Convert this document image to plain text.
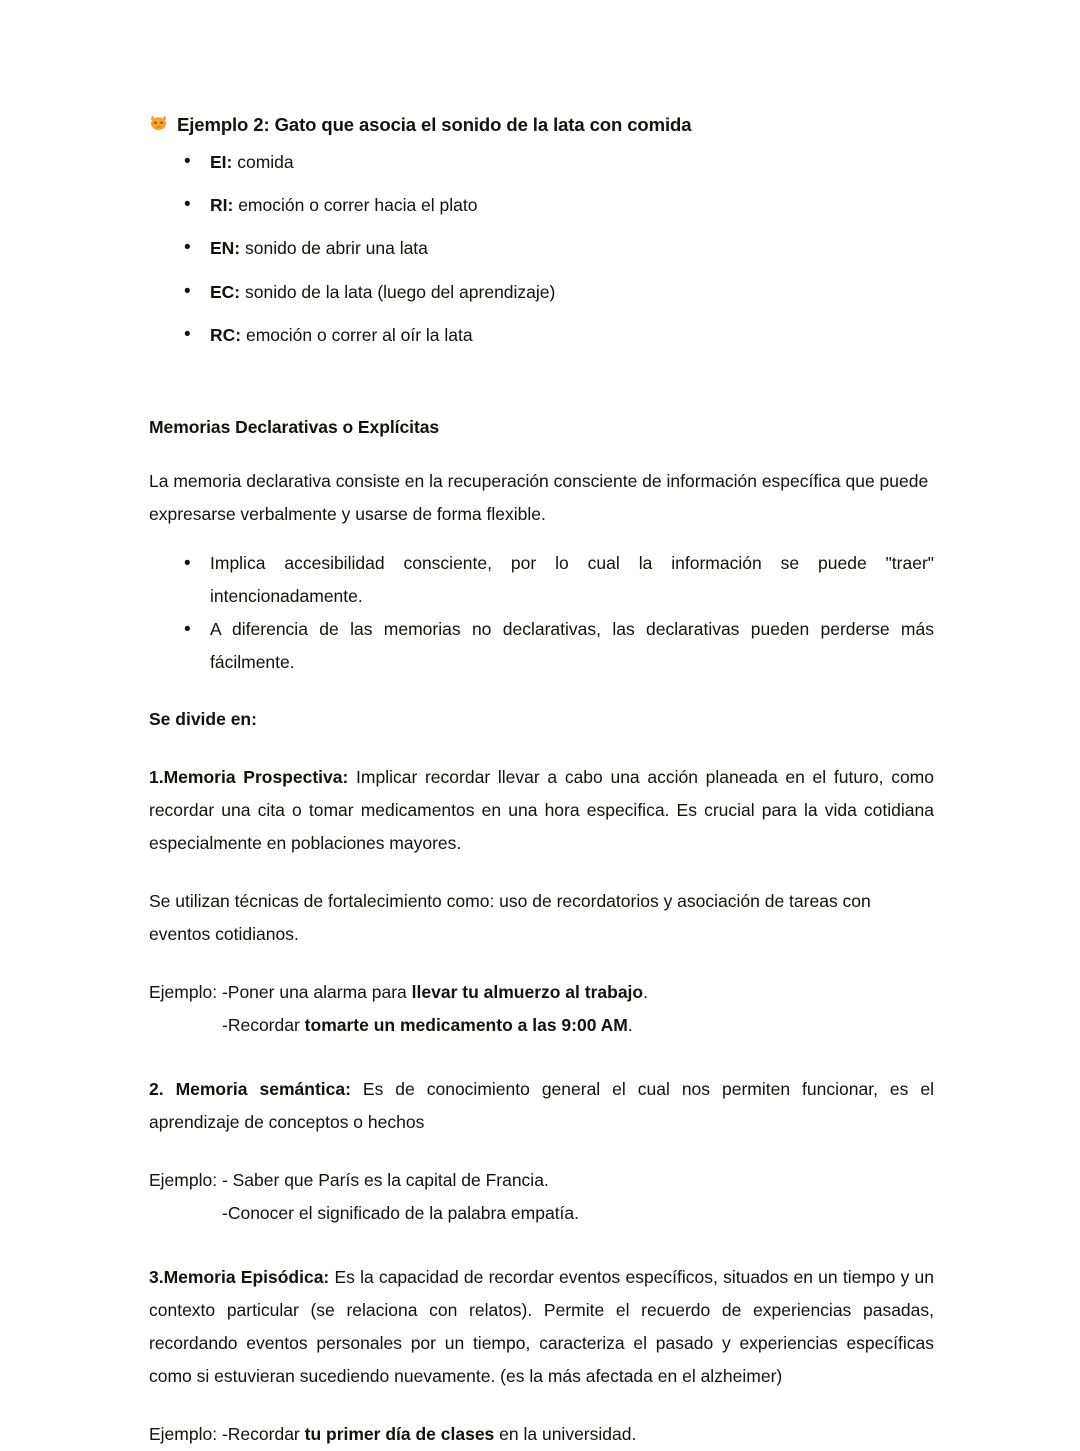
Ejemplo 2: Gato que asocia el sonido de la lata con comida
• EI: comida
• RI: emoción o correr hacia el plato
• EN: sonido de abrir una lata
• EC: sonido de la lata (luego del aprendizaje)
• RC: emoción o correr al oír la lata
Memorias Declarativas o Explícitas

La memoria declarativa consiste en la recuperación consciente de información específica que puede expresarse verbalmente y usarse de forma flexible.

• Implica accesibilidad consciente, por lo cual la información se puede "traer" intencionadamente.
• A diferencia de las memorias no declarativas, las declarativas pueden perderse más fácilmente.
Se divide en:

1.Memoria Prospectiva: Implicar recordar llevar a cabo una acción planeada en el futuro, como recordar una cita o tomar medicamentos en una hora especifica. Es crucial para la vida cotidiana especialmente en poblaciones mayores.

Se utilizan técnicas de fortalecimiento como: uso de recordatorios y asociación de tareas con eventos cotidianos.

Ejemplo: -Poner una alarma para llevar tu almuerzo al trabajo.
-Recordar tomarte un medicamento a las 9:00 AM.

2. Memoria semántica: Es de conocimiento general el cual nos permiten funcionar, es el aprendizaje de conceptos o hechos

Ejemplo: - Saber que París es la capital de Francia.
-Conocer el significado de la palabra empatía.

3.Memoria Episódica: Es la capacidad de recordar eventos específicos, situados en un tiempo y un contexto particular (se relaciona con relatos). Permite el recuerdo de experiencias pasadas, recordando eventos personales por un tiempo, caracteriza el pasado y experiencias específicas como si estuvieran sucediendo nuevamente. (es la más afectada en el alzheimer)

Ejemplo: -Recordar tu primer día de clases en la universidad.
